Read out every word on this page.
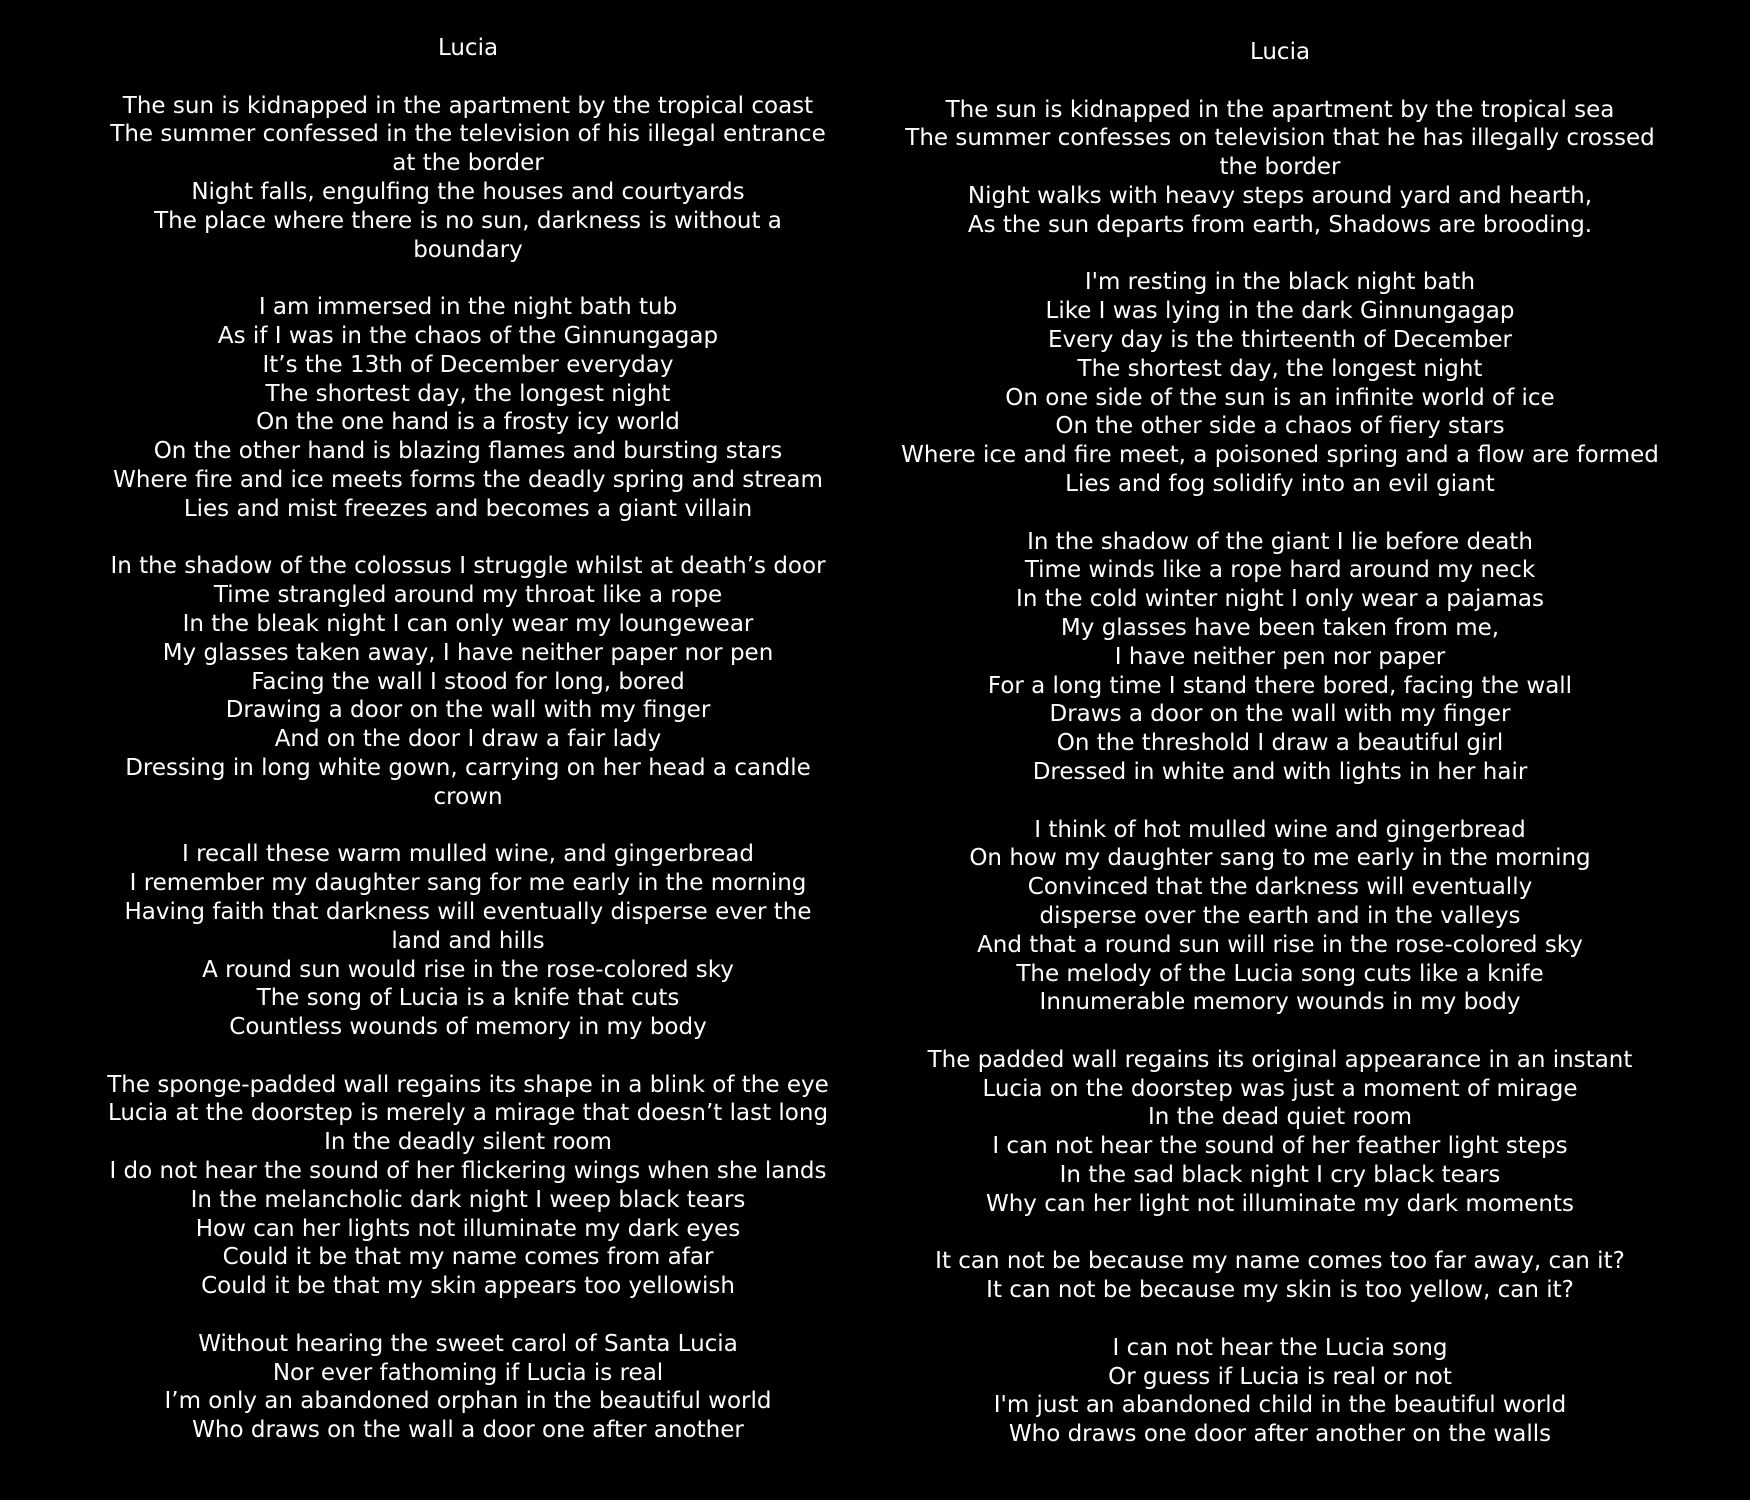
Lucia
The sun is kidnapped in the apartment by the tropical coast
The summer confessed in the television of his illegal entrance
at the border
Night falls, engulfing the houses and courtyards
The place where there is no sun, darkness is without a
boundary
I am immersed in the night bath tub
As if I was in the chaos of the Ginnungagap
It’s the 13th of December everyday
The shortest day, the longest night
On the one hand is a frosty icy world
On the other hand is blazing flames and bursting stars
Where fire and ice meets forms the deadly spring and stream
Lies and mist freezes and becomes a giant villain
In the shadow of the colossus I struggle whilst at death’s door
Time strangled around my throat like a rope
In the bleak night I can only wear my loungewear
My glasses taken away, I have neither paper nor pen
Facing the wall I stood for long, bored
Drawing a door on the wall with my finger
And on the door I draw a fair lady
Dressing in long white gown, carrying on her head a candle
crown
I recall these warm mulled wine, and gingerbread
I remember my daughter sang for me early in the morning
Having faith that darkness will eventually disperse ever the
land and hills
A round sun would rise in the rose-colored sky
The song of Lucia is a knife that cuts
Countless wounds of memory in my body
The sponge-padded wall regains its shape in a blink of the eye
Lucia at the doorstep is merely a mirage that doesn’t last long
In the deadly silent room
I do not hear the sound of her flickering wings when she lands
In the melancholic dark night I weep black tears
How can her lights not illuminate my dark eyes
Could it be that my name comes from afar
Could it be that my skin appears too yellowish
Without hearing the sweet carol of Santa Lucia
Nor ever fathoming if Lucia is real
I’m only an abandoned orphan in the beautiful world
Who draws on the wall a door one after another
Lucia
The sun is kidnapped in the apartment by the tropical sea
The summer confesses on television that he has illegally crossed
the border
Night walks with heavy steps around yard and hearth,
As the sun departs from earth, Shadows are brooding.
I'm resting in the black night bath
Like I was lying in the dark Ginnungagap
Every day is the thirteenth of December
The shortest day, the longest night
On one side of the sun is an infinite world of ice
On the other side a chaos of fiery stars
Where ice and fire meet, a poisoned spring and a flow are formed
Lies and fog solidify into an evil giant
In the shadow of the giant I lie before death
Time winds like a rope hard around my neck
In the cold winter night I only wear a pajamas
My glasses have been taken from me,
I have neither pen nor paper
For a long time I stand there bored, facing the wall
Draws a door on the wall with my finger
On the threshold I draw a beautiful girl
Dressed in white and with lights in her hair
I think of hot mulled wine and gingerbread
On how my daughter sang to me early in the morning
Convinced that the darkness will eventually
disperse over the earth and in the valleys
And that a round sun will rise in the rose-colored sky
The melody of the Lucia song cuts like a knife
Innumerable memory wounds in my body
The padded wall regains its original appearance in an instant
Lucia on the doorstep was just a moment of mirage
In the dead quiet room
I can not hear the sound of her feather light steps
In the sad black night I cry black tears
Why can her light not illuminate my dark moments
It can not be because my name comes too far away, can it?
It can not be because my skin is too yellow, can it?
I can not hear the Lucia song
Or guess if Lucia is real or not
I'm just an abandoned child in the beautiful world
Who draws one door after another on the walls
